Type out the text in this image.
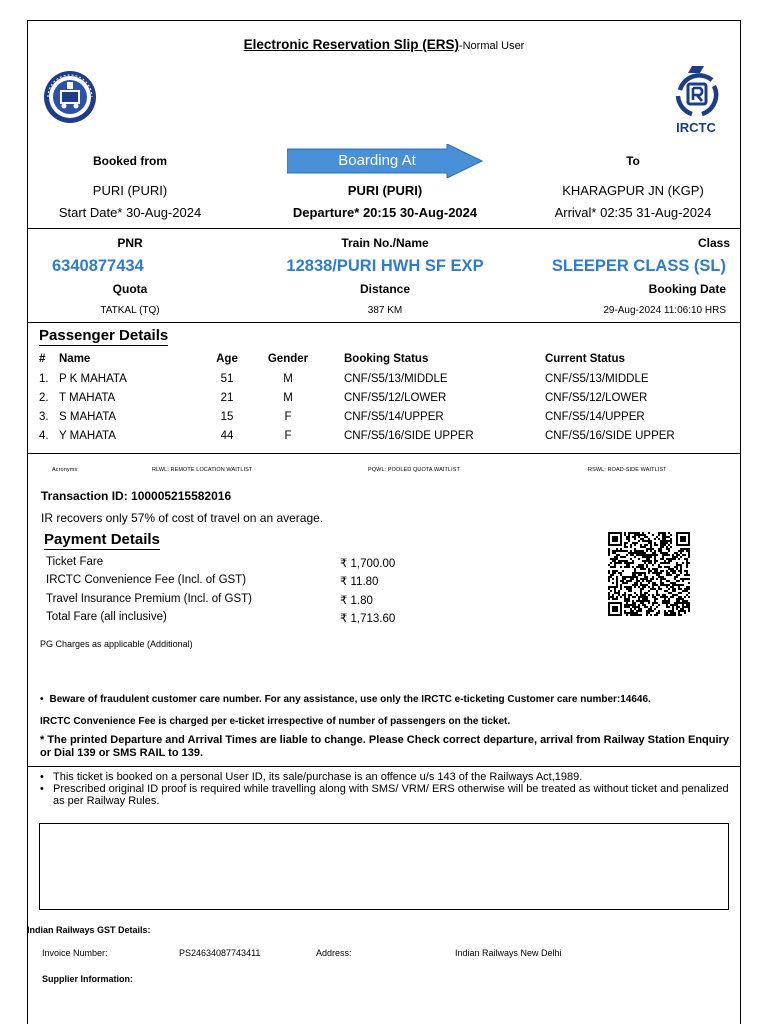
Electronic Reservation Slip (ERS)-Normal User
IRCTC
Boarding At
Booked from	To
PURI (PURI)	PURI (PURI)	KHARAGPUR JN (KGP)
Start Date* 30-Aug-2024	Departure* 20:15 30-Aug-2024	Arrival* 02:35 31-Aug-2024
PNR	Train No./Name	Class
6340877434	12838/PURI HWH SF EXP	SLEEPER CLASS (SL)
Quota	Distance	Booking Date
TATKAL (TQ)	387 KM	29-Aug-2024 11:06:10 HRS
Passenger Details
# Name	Age	Gender	Booking Status	Current Status
1. P K MAHATA	51	M	CNF/S5/13/MIDDLE	CNF/S5/13/MIDDLE
2. T MAHATA	21	M	CNF/S5/12/LOWER	CNF/S5/12/LOWER
3. S MAHATA	15	F	CNF/S5/14/UPPER	CNF/S5/14/UPPER
4. Y MAHATA	44	F	CNF/S5/16/SIDE UPPER	CNF/S5/16/SIDE UPPER
Acronyms:	RLWL: REMOTE LOCATION WAITLIST	PQWL: POOLED QUOTA WAITLIST	RSWL: ROAD-SIDE WAITLIST
Transaction ID: 100005215582016
IR recovers only 57% of cost of travel on an average.
Payment Details
Ticket Fare	₹ 1,700.00
IRCTC Convenience Fee (Incl. of GST)	₹ 11.80
Travel Insurance Premium (Incl. of GST)	₹ 1.80
Total Fare (all inclusive)	₹ 1,713.60
PG Charges as applicable (Additional)
• Beware of fraudulent customer care number. For any assistance, use only the IRCTC e-ticketing Customer care number:14646.
IRCTC Convenience Fee is charged per e-ticket irrespective of number of passengers on the ticket.
* The printed Departure and Arrival Times are liable to change. Please Check correct departure, arrival from Railway Station Enquiry or Dial 139 or SMS RAIL to 139.
• This ticket is booked on a personal User ID, its sale/purchase is an offence u/s 143 of the Railways Act,1989.
• Prescribed original ID proof is required while travelling along with SMS/ VRM/ ERS otherwise will be treated as without ticket and penalized as per Railway Rules.
Indian Railways GST Details:
Invoice Number:	PS24634087743411	Address:	Indian Railways New Delhi
Supplier Information:
